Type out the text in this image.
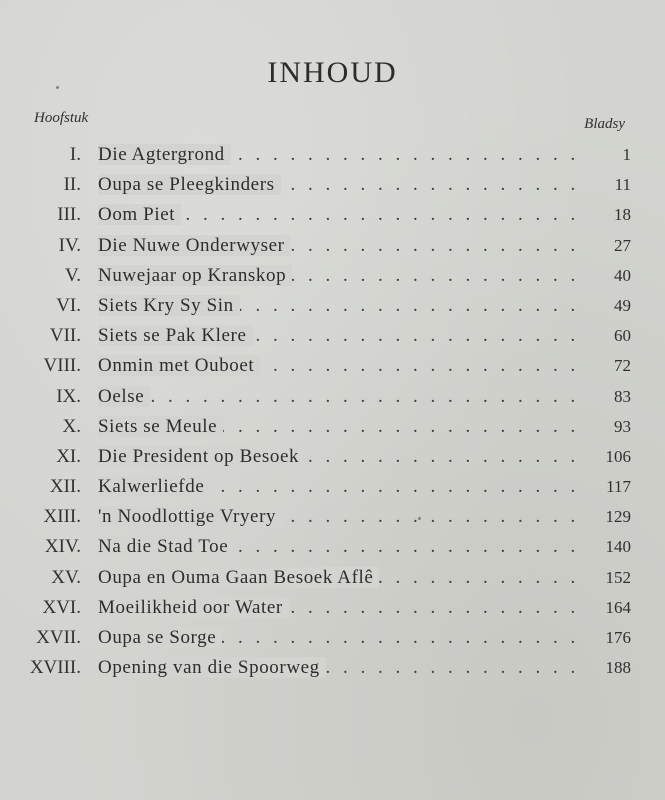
INHOUD
Hoofstuk	Bladsy
I. Die Agtergrond . . .	1
II. Oupa se Pleegkinders . . .	11
III. Oom Piet . . .	18
IV. Die Nuwe Onderwyser . . .	27
V. Nuwejaar op Kranskop . . .	40
VI. Siets Kry Sy Sin . . .	49
VII. Siets se Pak Klere . . .	60
VIII. Onmin met Ouboet . . .	72
IX. Oelse . . .	83
X. Siets se Meule . . .	93
XI. Die President op Besoek . . .	106
XII. Kalwerliefde . . .	117
XIII. 'n Noodlottige Vryery . . .	129
XIV. Na die Stad Toe . . .	140
XV. Oupa en Ouma Gaan Besoek Aflê . . .	152
XVI. Moeilikheid oor Water . . .	164
XVII. Oupa se Sorge . . .	176
XVIII. Opening van die Spoorweg . . .	188
